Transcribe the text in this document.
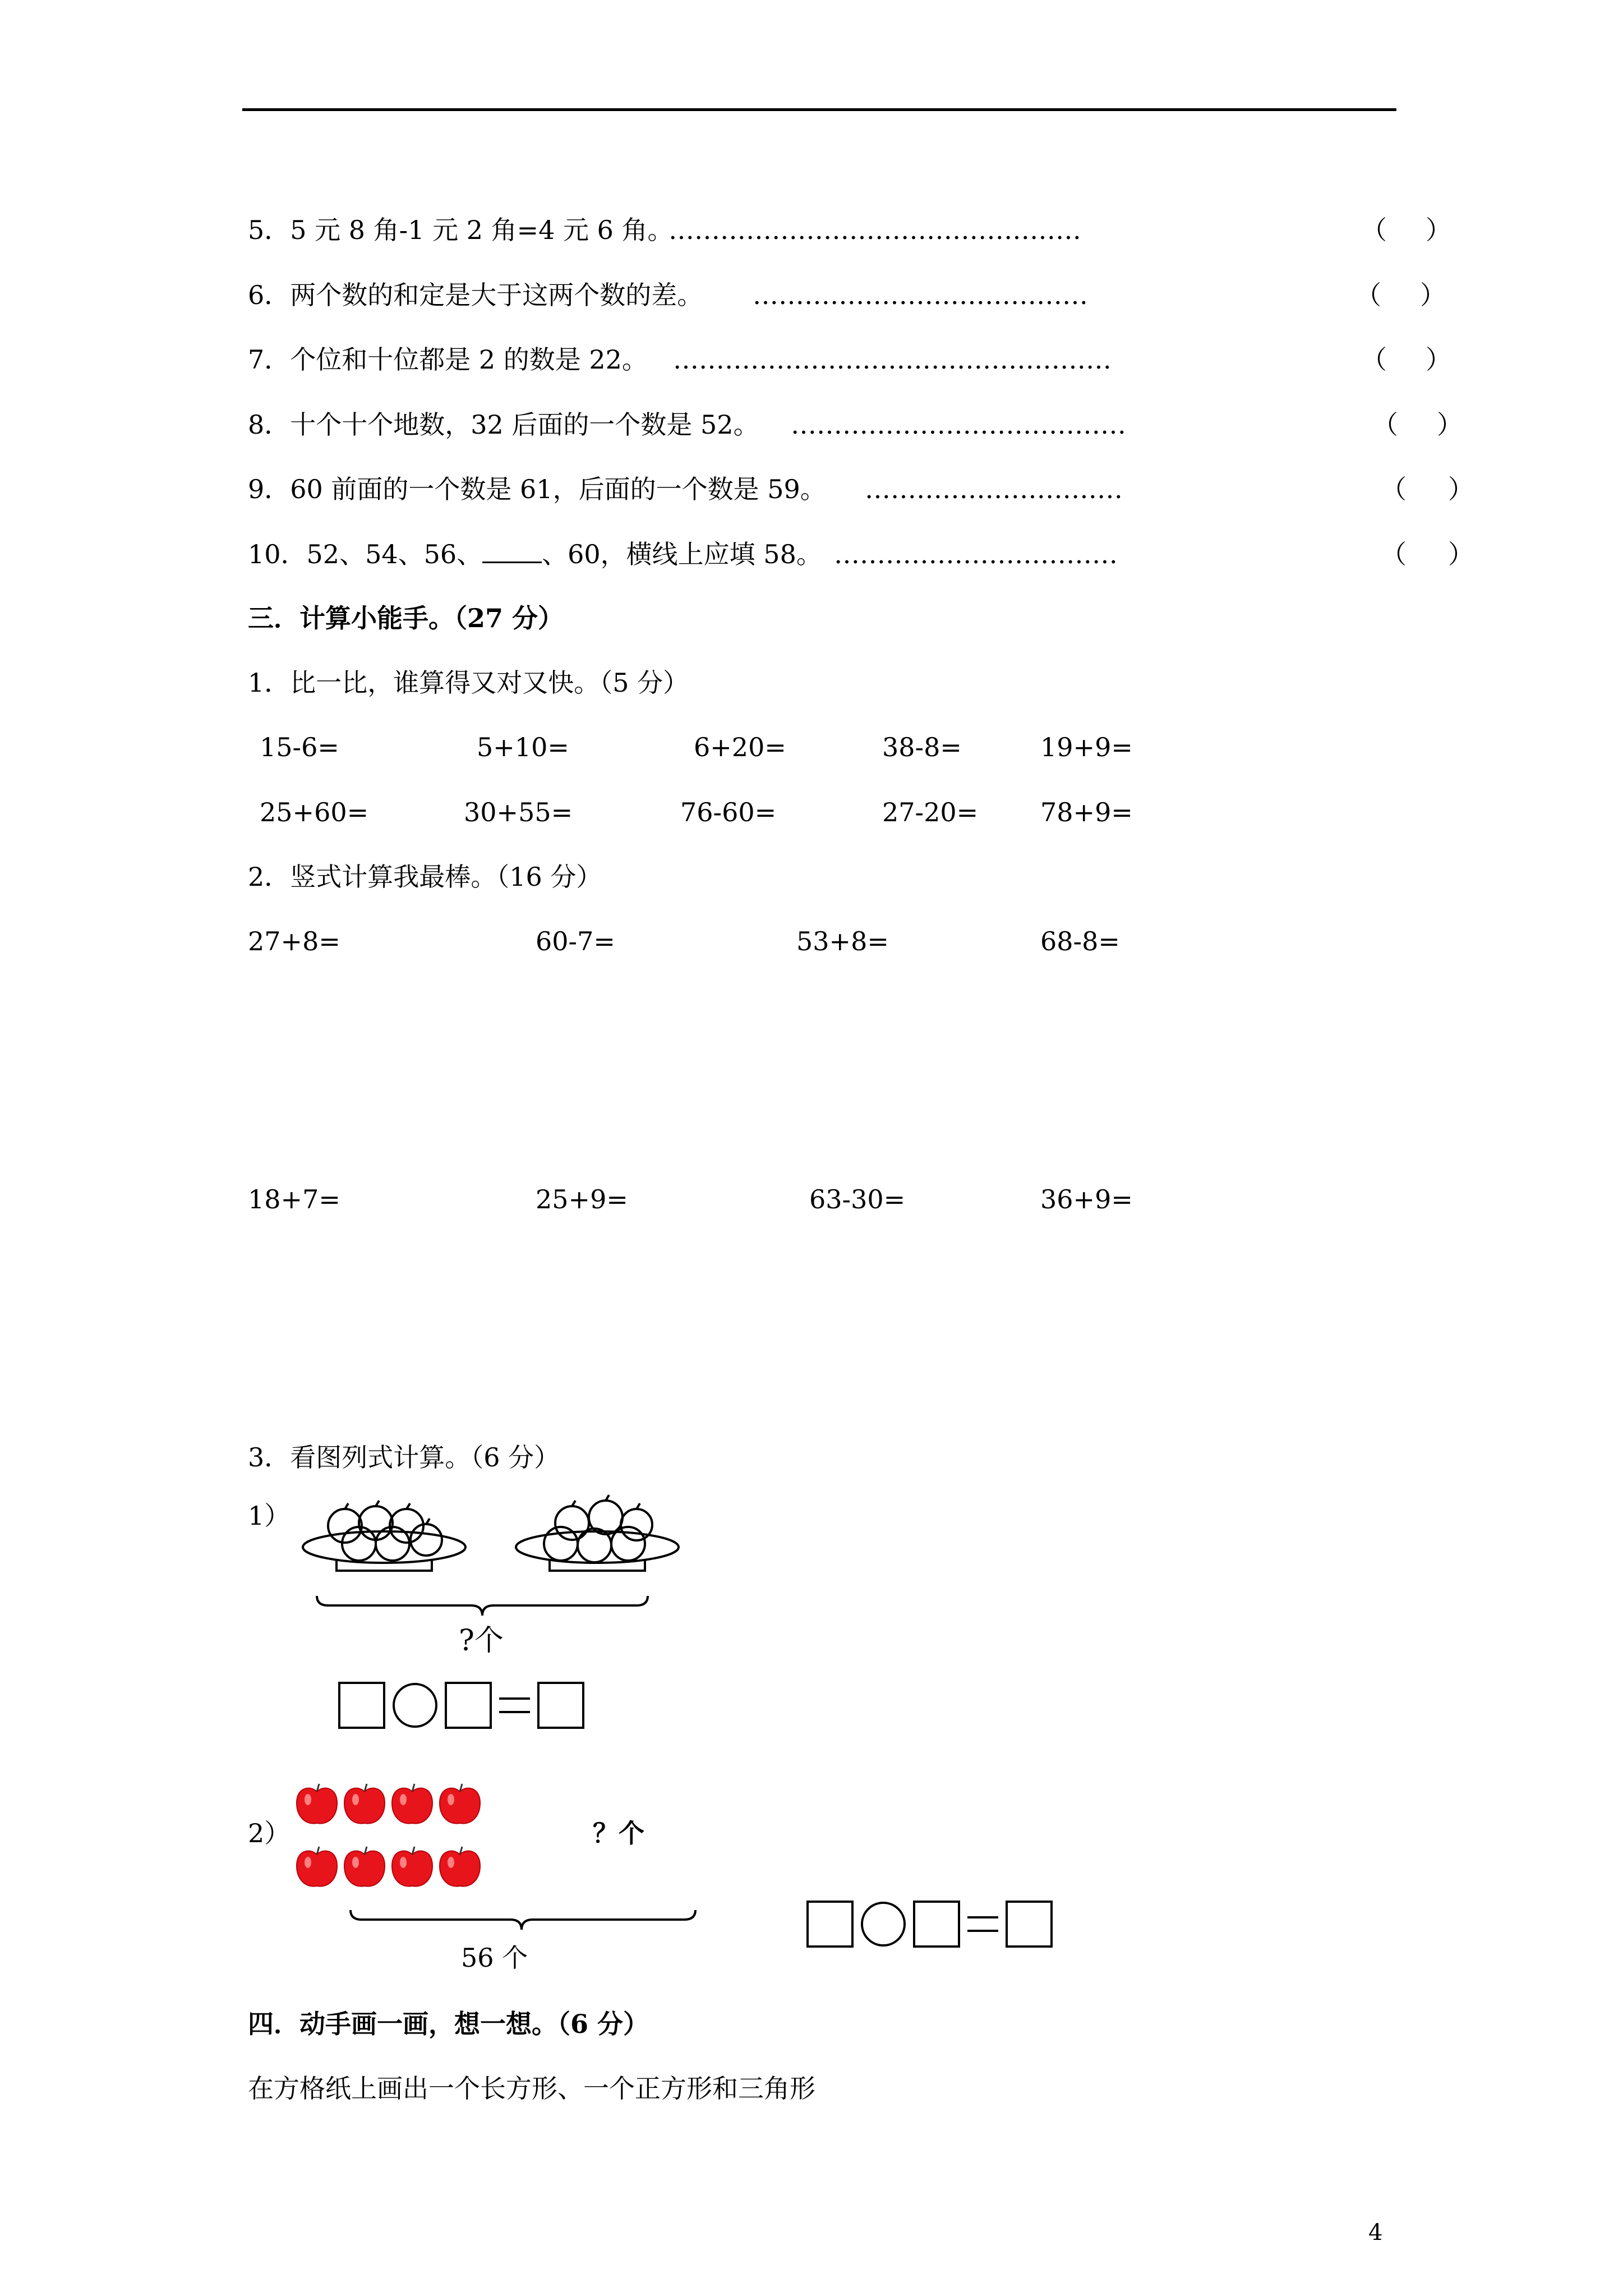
5．5 元 8 角-1 元 2 角=4 元 6 角。

…………………………………………

	（

）

6．两个数的和定是大于这两个数的差。

…………………………………

	（

）

7．个位和十位都是 2 的数是 22。

……………………………………………

	（

）

8．十个十个地数，32 后面的一个数是 52。

…………………………………

	（

）

9．60 前面的一个数是 61，后面的一个数是 59。

…………………………

	（

）

10．52、54、56、 、60，横线上应填 58。

……………………………

	（

）

三．计算小能手。（27 分）
1．比一比，谁算得又对又快。（5 分）
15-6=	5+10=	6+20=	38-8=	19+9=
25+60=	30+55=	76-60=	27-20= 78+9=
2．竖式计算我最棒。（16 分）
27+8=	60-7=	53+8=	68-8=
18+7=	25+9=	63-30=	36+9=
3．看图列式计算。（6 分）
1）
?个
2）	？个
56 个
四．动手画一画，想一想。（6 分）
在方格纸上画出一个长方形、一个正方形和三角形
4
